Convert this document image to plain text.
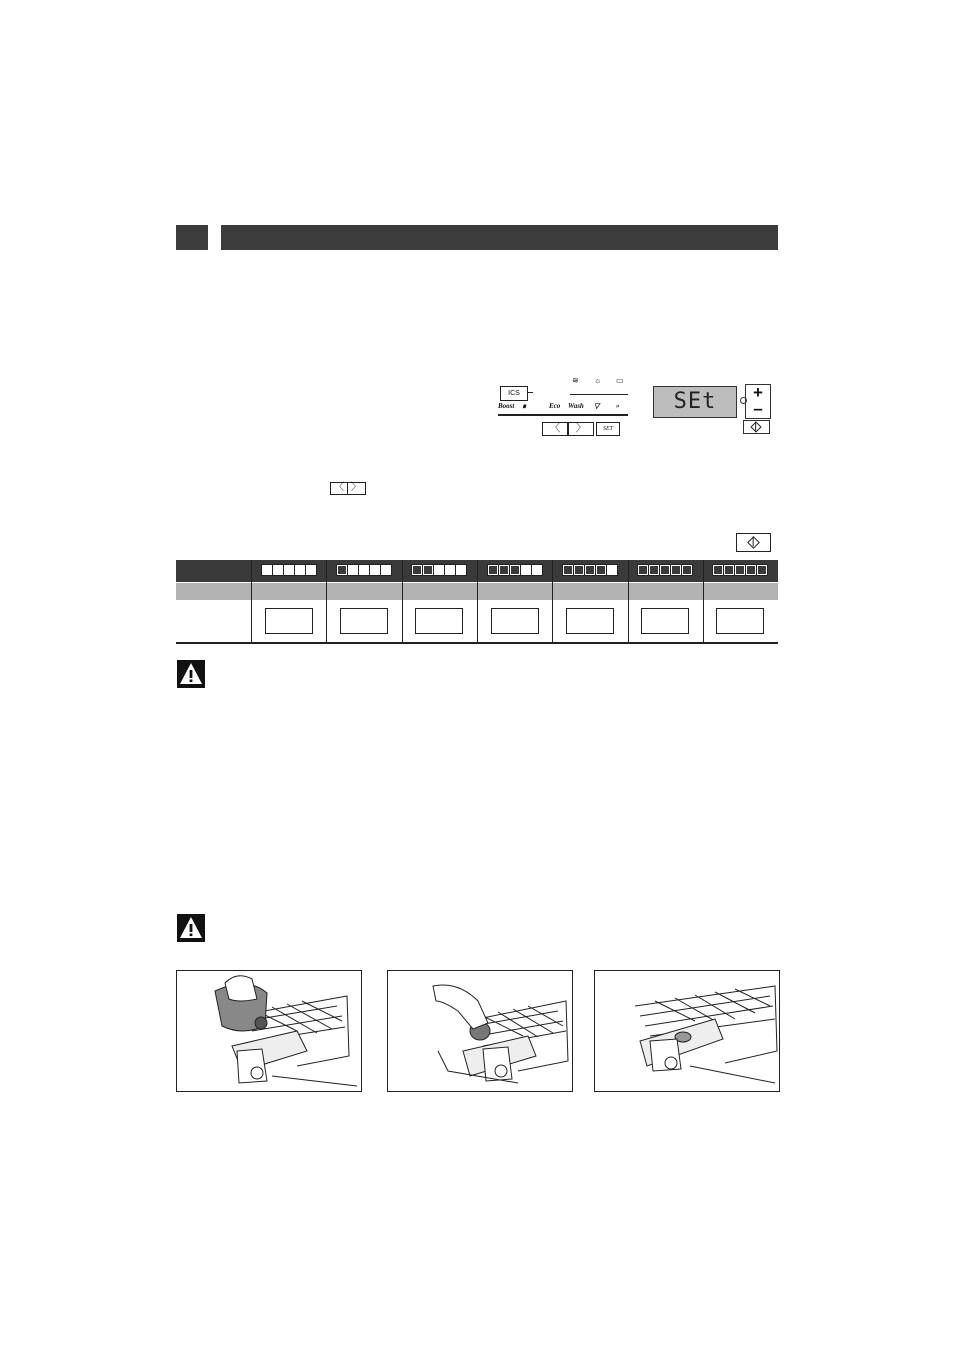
ICS
≋ ☼ ▭
Boost ∎	Eco Wash ▽ »
〈	〉	SET
SEt	+
–
〈 〉
